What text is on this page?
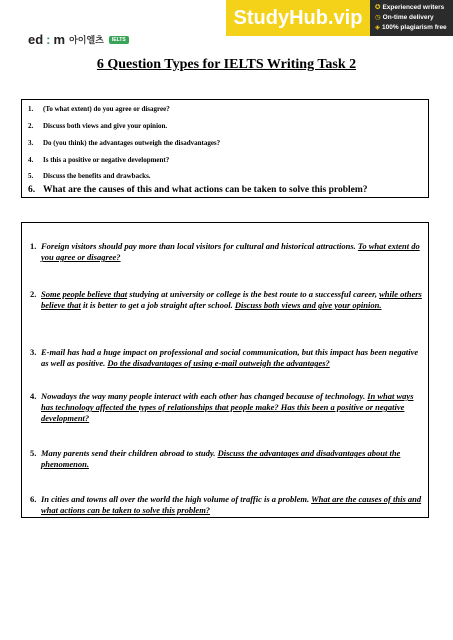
ed : m 아이엘츠	IELTS
StudyHub.vip	✪ Experienced writers
◷ On-time delivery
◈ 100% plagiarism free
6 Question Types for IELTS Writing Task 2
1. (To what extent) do you agree or disagree?
2. Discuss both views and give your opinion.
3. Do (you think) the advantages outweigh the disadvantages?
4. Is this a positive or negative development?
5. Discuss the benefits and drawbacks.
6. What are the causes of this and what actions can be taken to solve this problem?
1. Foreign visitors should pay more than local visitors for cultural and historical attractions. To what extent do you agree or disagree?
2. Some people believe that studying at university or college is the best route to a successful career, while others believe that it is better to get a job straight after school. Discuss both views and give your opinion.
3. E-mail has had a huge impact on professional and social communication, but this impact has been negative as well as positive. Do the disadvantages of using e-mail outweigh the advantages?
4. Nowadays the way many people interact with each other has changed because of technology. In what ways has technology affected the types of relationships that people make? Has this been a positive or negative development?
5. Many parents send their children abroad to study. Discuss the advantages and disadvantages about the phenomenon.
6. In cities and towns all over the world the high volume of traffic is a problem. What are the causes of this and what actions can be taken to solve this problem?
